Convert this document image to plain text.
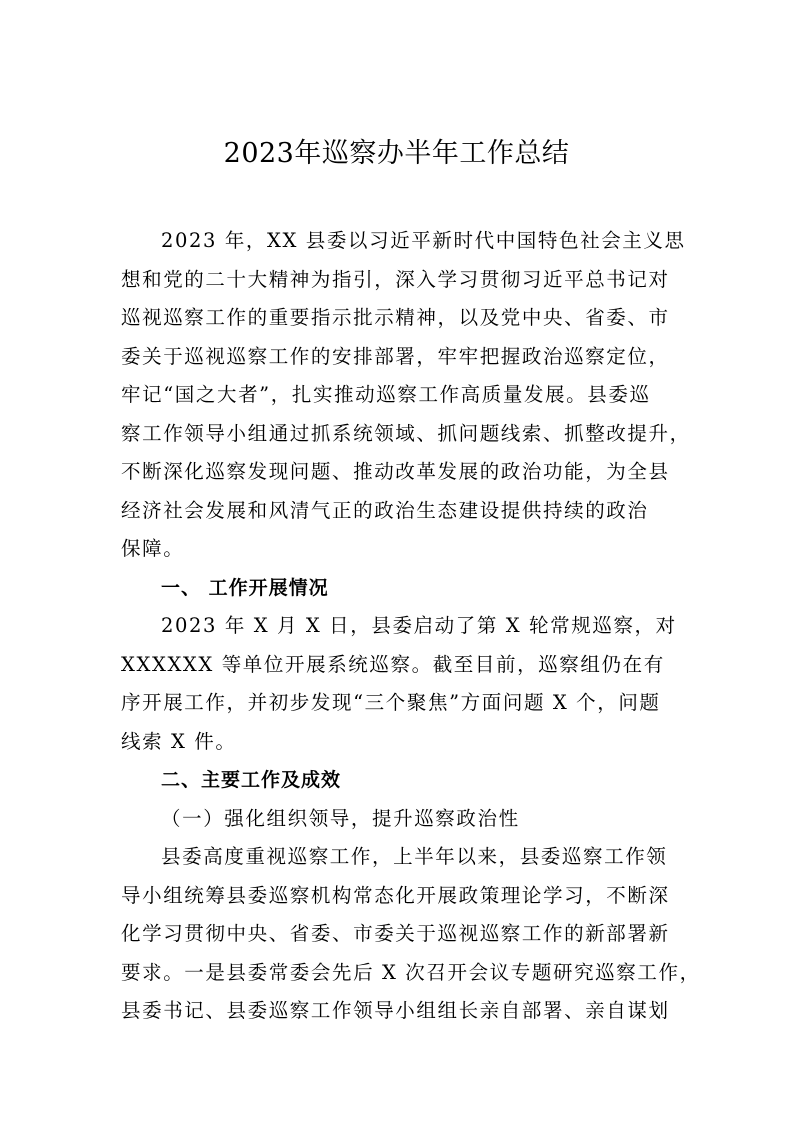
2023年巡察办半年工作总结
2023 年，XX 县委以习近平新时代中国特色社会主义思
想和党的二十大精神为指引，深入学习贯彻习近平总书记对
巡视巡察工作的重要指示批示精神，以及党中央、省委、市
委关于巡视巡察工作的安排部署，牢牢把握政治巡察定位，
牢记“国之大者”，扎实推动巡察工作高质量发展。县委巡
察工作领导小组通过抓系统领域、抓问题线索、抓整改提升，
不断深化巡察发现问题、推动改革发展的政治功能，为全县
经济社会发展和风清气正的政治生态建设提供持续的政治
保障。
一、 工作开展情况
2023 年 X 月 X 日，县委启动了第 X 轮常规巡察，对
XXXXXX 等单位开展系统巡察。截至目前，巡察组仍在有
序开展工作，并初步发现“三个聚焦”方面问题 X 个，问题
线索 X 件。
二、主要工作及成效
（一）强化组织领导，提升巡察政治性
县委高度重视巡察工作，上半年以来，县委巡察工作领
导小组统筹县委巡察机构常态化开展政策理论学习，不断深
化学习贯彻中央、省委、市委关于巡视巡察工作的新部署新
要求。一是县委常委会先后 X 次召开会议专题研究巡察工作，
县委书记、县委巡察工作领导小组组长亲自部署、亲自谋划
